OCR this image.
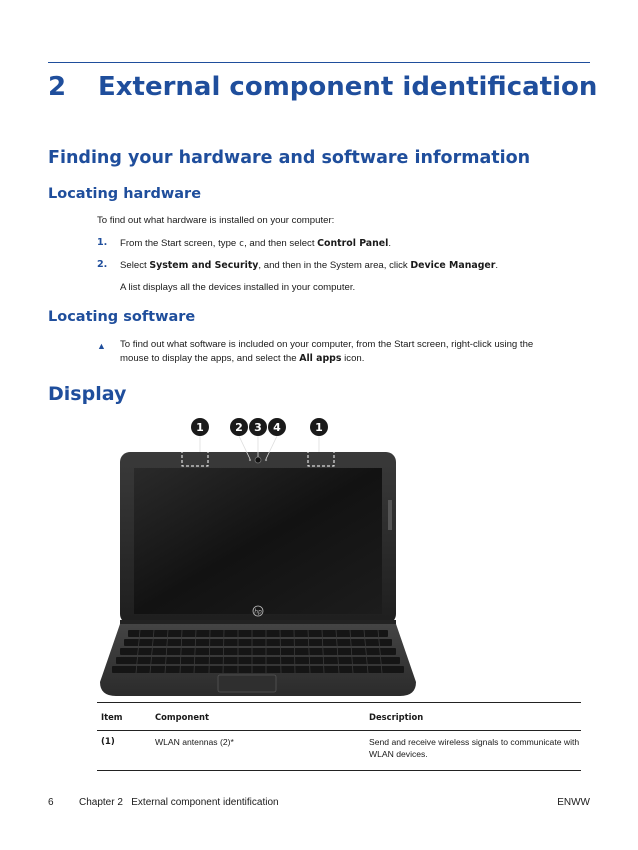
2 External component identification
Finding your hardware and software information
Locating hardware
To find out what hardware is installed on your computer:
1. From the Start screen, type c, and then select Control Panel.
2. Select System and Security, and then in the System area, click Device Manager.
A list displays all the devices installed in your computer.
Locating software
▲ To find out what software is included on your computer, from the Start screen, right-click using the
mouse to display the apps, and select the All apps icon.
Display
1	2 3 4	1
hp
Item	Component	Description
(1)	WLAN antennas (2)*	Send and receive wireless signals to communicate with
WLAN devices.
6	Chapter 2   External component identification	ENWW
